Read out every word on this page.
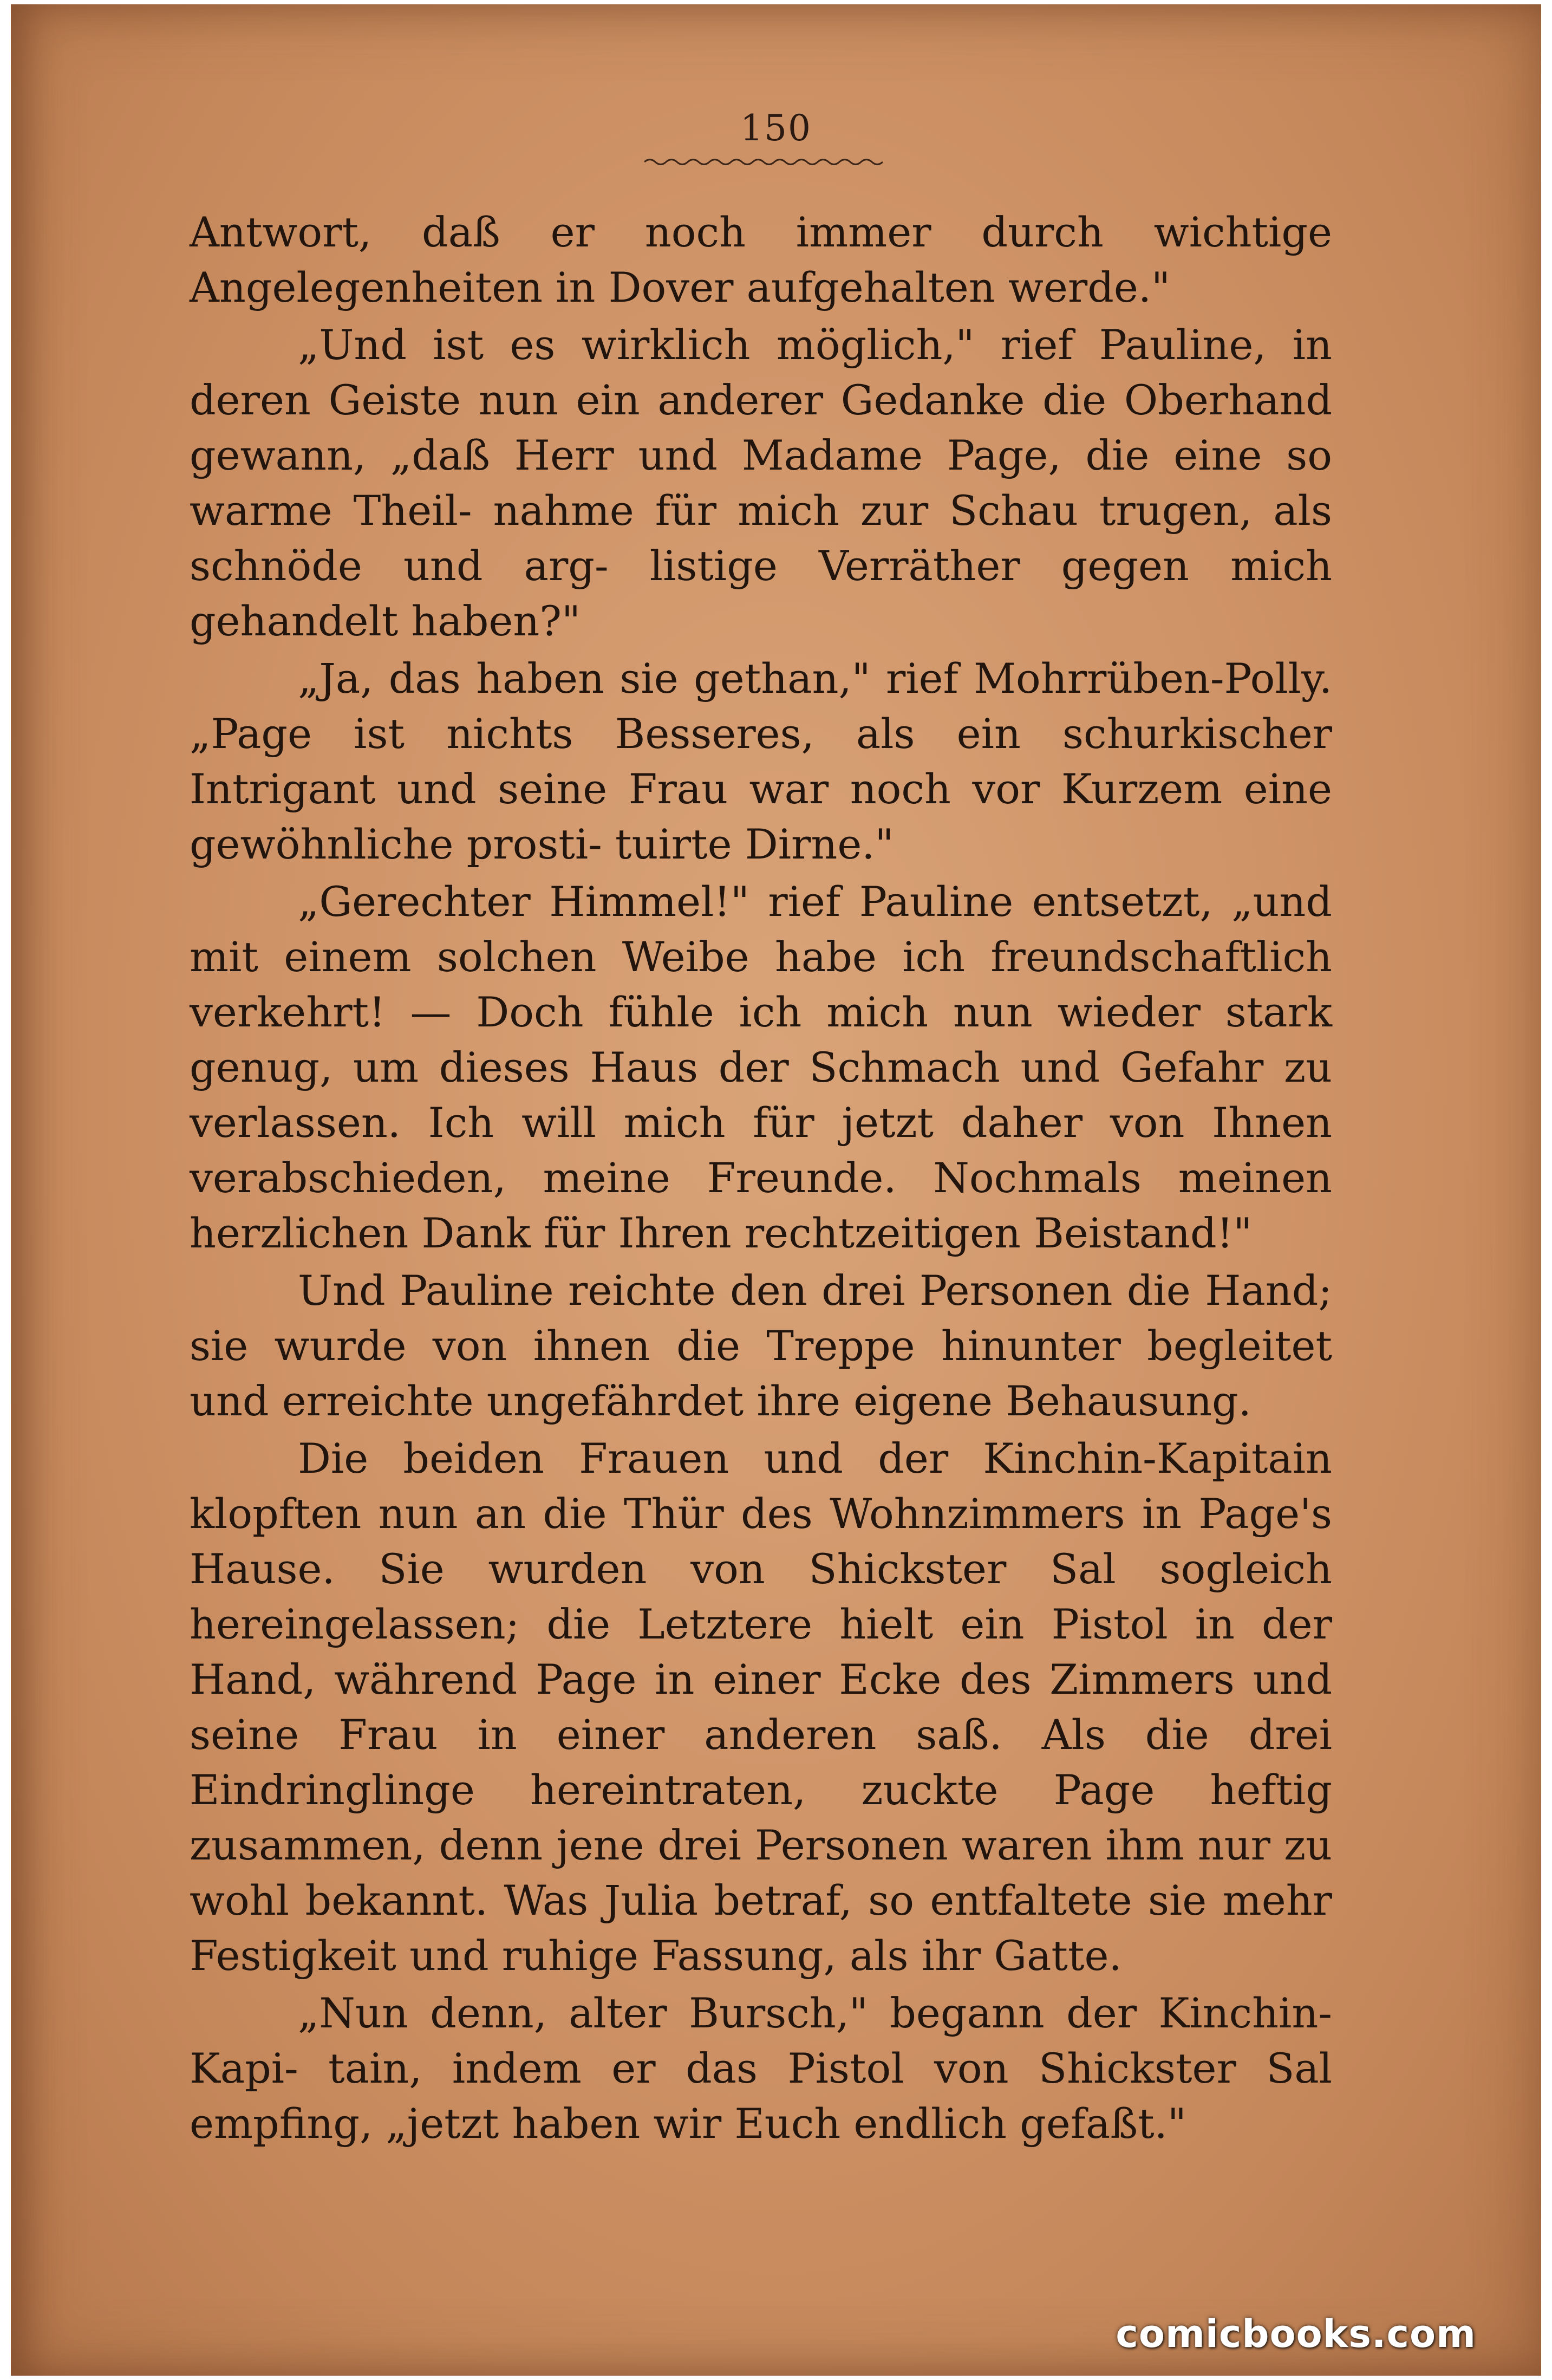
150

Antwort, daß er noch immer durch wichtige Angelegenheiten in Dover aufgehalten werde."

„Und ist es wirklich möglich," rief Pauline, in deren Geiste nun ein anderer Gedanke die Oberhand gewann, „daß Herr und Madame Page, die eine so warme Theil- nahme für mich zur Schau trugen, als schnöde und arg- listige Verräther gegen mich gehandelt haben?"

„Ja, das haben sie gethan," rief Mohrrüben-Polly. „Page ist nichts Besseres, als ein schurkischer Intrigant und seine Frau war noch vor Kurzem eine gewöhnliche prosti- tuirte Dirne."

„Gerechter Himmel!" rief Pauline entsetzt, „und mit einem solchen Weibe habe ich freundschaftlich verkehrt! — Doch fühle ich mich nun wieder stark genug, um dieses Haus der Schmach und Gefahr zu verlassen. Ich will mich für jetzt daher von Ihnen verabschieden, meine Freunde. Nochmals meinen herzlichen Dank für Ihren rechtzeitigen Beistand!"

Und Pauline reichte den drei Personen die Hand; sie wurde von ihnen die Treppe hinunter begleitet und erreichte ungefährdet ihre eigene Behausung.

Die beiden Frauen und der Kinchin-Kapitain klopften nun an die Thür des Wohnzimmers in Page's Hause. Sie wurden von Shickster Sal sogleich hereingelassen; die Letztere hielt ein Pistol in der Hand, während Page in einer Ecke des Zimmers und seine Frau in einer anderen saß. Als die drei Eindringlinge hereintraten, zuckte Page heftig zusammen, denn jene drei Personen waren ihm nur zu wohl bekannt. Was Julia betraf, so entfaltete sie mehr Festigkeit und ruhige Fassung, als ihr Gatte.

„Nun denn, alter Bursch," begann der Kinchin-Kapi- tain, indem er das Pistol von Shickster Sal empfing, „jetzt haben wir Euch endlich gefaßt."

comicbooks.com
